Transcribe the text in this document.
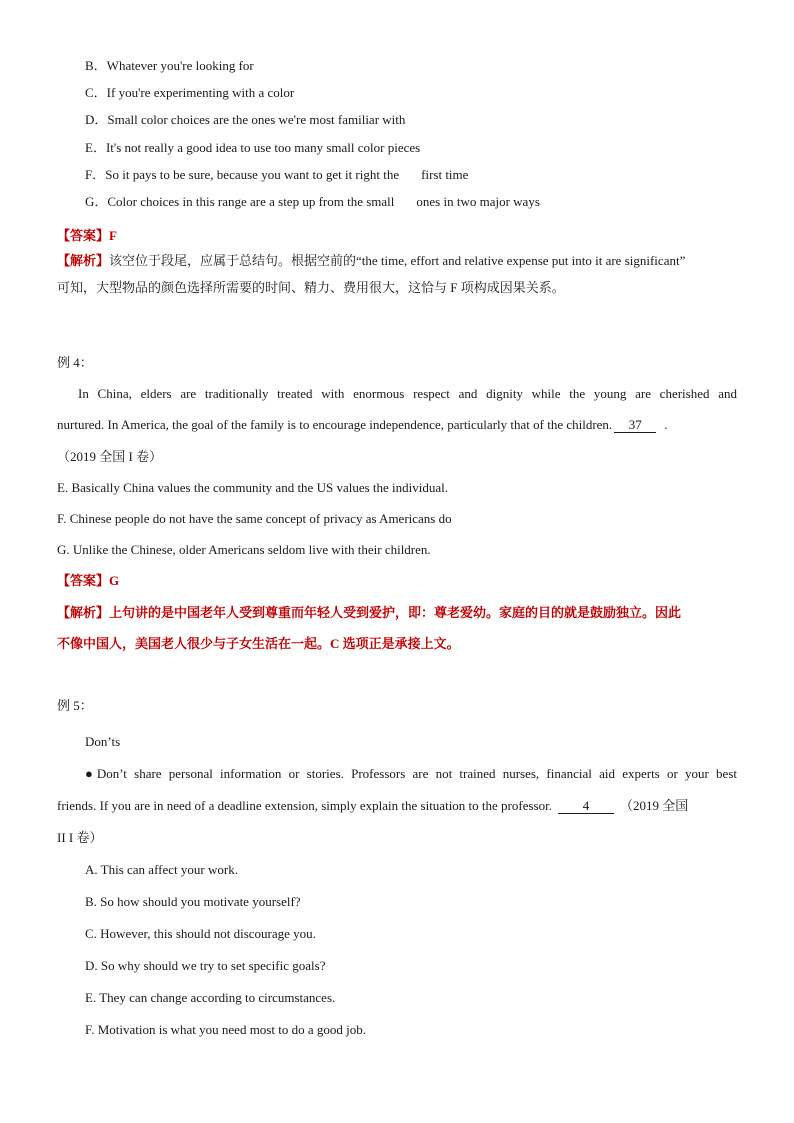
B．Whatever you're looking for
C．If you're experimenting with a color
D．Small color choices are the ones we're most familiar with
E．It's not really a good idea to use too many small color pieces
F．So it pays to be sure, because you want to get it right the first time
G．Color choices in this range are a step up from the small ones in two major ways
【答案】F
【解析】该空位于段尾，应属于总结句。根据空前的“the time, effort and relative expense put into it are significant”
可知，大型物品的颜色选择所需要的时间、精力、费用很大，这恰与 F 项构成因果关系。
例 4：
In China, elders are traditionally treated with enormous respect and dignity while the young are cherished and
nurtured. In America, the goal of the family is to encourage independence, particularly that of the children. 37 .
（2019 全国 I 卷）
E. Basically China values the community and the US values the individual.
F. Chinese people do not have the same concept of privacy as Americans do
G. Unlike the Chinese, older Americans seldom live with their children.
【答案】G
【解析】上句讲的是中国老年人受到尊重而年轻人受到爱护，即：尊老爱幼。家庭的目的就是鼓励独立。因此
不像中国人，美国老人很少与子女生活在一起。C 选项正是承接上文。
例 5：
Don’ts
●Don’t share personal information or stories. Professors are not trained nurses, financial aid experts or your best
friends. If you are in need of a deadline extension, simply explain the situation to the professor. 4 （2019 全国
II I 卷）
A. This can affect your work.
B. So how should you motivate yourself?
C. However, this should not discourage you.
D. So why should we try to set specific goals?
E. They can change according to circumstances.
F. Motivation is what you need most to do a good job.
